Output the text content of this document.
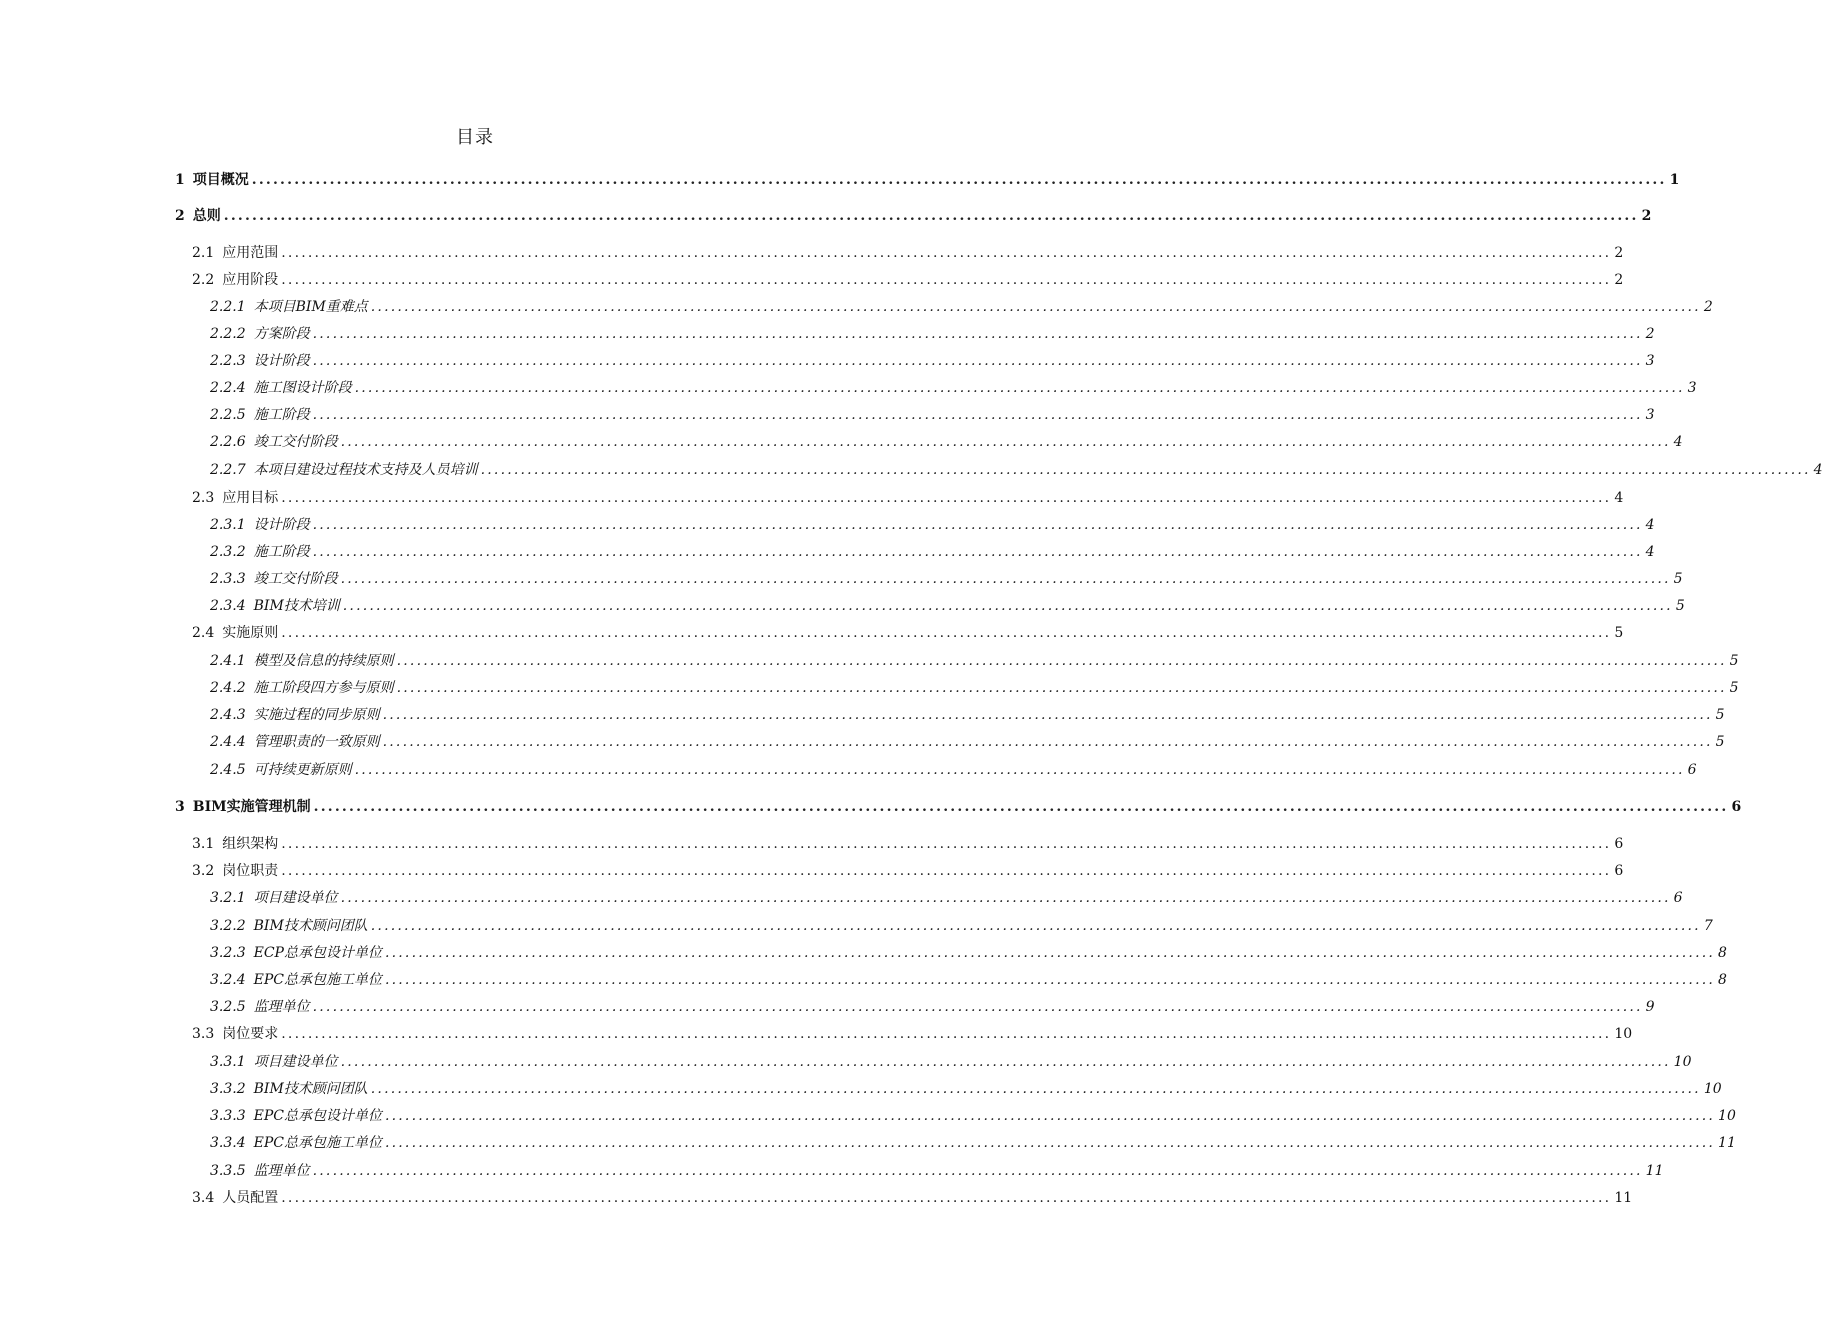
目录
1 项目概况 ........................................................................................................................................................................................................ 1
2 总则 ........................................................................................................................................................................................................ 2
2.1 应用范围 ........................................................................................................................................................................................................ 2
2.2 应用阶段 ........................................................................................................................................................................................................ 2
2.2.1 本项目BIM重难点 ........................................................................................................................................................................................................ 2
2.2.2 方案阶段 ........................................................................................................................................................................................................ 2
2.2.3 设计阶段 ........................................................................................................................................................................................................ 3
2.2.4 施工图设计阶段 ........................................................................................................................................................................................................ 3
2.2.5 施工阶段 ........................................................................................................................................................................................................ 3
2.2.6 竣工交付阶段 ........................................................................................................................................................................................................ 4
2.2.7 本项目建设过程技术支持及人员培训 ........................................................................................................................................................................................................ 4
2.3 应用目标 ........................................................................................................................................................................................................ 4
2.3.1 设计阶段 ........................................................................................................................................................................................................ 4
2.3.2 施工阶段 ........................................................................................................................................................................................................ 4
2.3.3 竣工交付阶段 ........................................................................................................................................................................................................ 5
2.3.4 BIM技术培训 ........................................................................................................................................................................................................ 5
2.4 实施原则 ........................................................................................................................................................................................................ 5
2.4.1 模型及信息的持续原则 ........................................................................................................................................................................................................ 5
2.4.2 施工阶段四方参与原则 ........................................................................................................................................................................................................ 5
2.4.3 实施过程的同步原则 ........................................................................................................................................................................................................ 5
2.4.4 管理职责的一致原则 ........................................................................................................................................................................................................ 5
2.4.5 可持续更新原则 ........................................................................................................................................................................................................ 6
3 BIM实施管理机制 ........................................................................................................................................................................................................ 6
3.1 组织架构 ........................................................................................................................................................................................................ 6
3.2 岗位职责 ........................................................................................................................................................................................................ 6
3.2.1 项目建设单位 ........................................................................................................................................................................................................ 6
3.2.2 BIM技术顾问团队 ........................................................................................................................................................................................................ 7
3.2.3 ECP总承包设计单位 ........................................................................................................................................................................................................ 8
3.2.4 EPC总承包施工单位 ........................................................................................................................................................................................................ 8
3.2.5 监理单位 ........................................................................................................................................................................................................ 9
3.3 岗位要求 ........................................................................................................................................................................................................ 10
3.3.1 项目建设单位 ........................................................................................................................................................................................................ 10
3.3.2 BIM技术顾问团队 ........................................................................................................................................................................................................ 10
3.3.3 EPC总承包设计单位 ........................................................................................................................................................................................................ 10
3.3.4 EPC总承包施工单位 ........................................................................................................................................................................................................ 11
3.3.5 监理单位 ........................................................................................................................................................................................................ 11
3.4 人员配置 ........................................................................................................................................................................................................ 11
